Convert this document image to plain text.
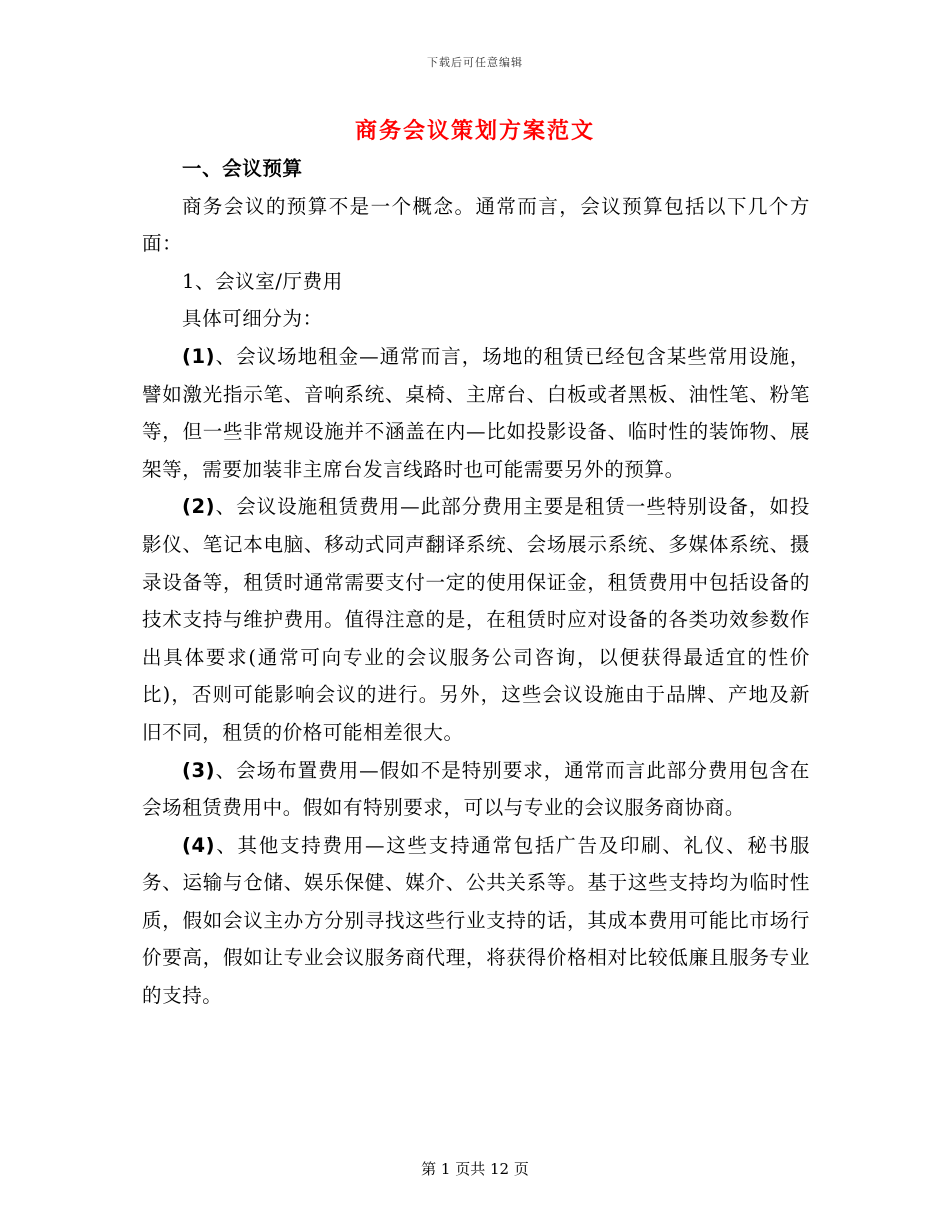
下载后可任意编辑
商务会议策划方案范文

一、会议预算

商务会议的预算不是一个概念。通常而言，会议预算包括以下几个方面：

1、会议室/厅费用

具体可细分为：

(1)、会议场地租金—通常而言，场地的租赁已经包含某些常用设施，譬如激光指示笔、音响系统、桌椅、主席台、白板或者黑板、油性笔、粉笔等，但一些非常规设施并不涵盖在内—比如投影设备、临时性的装饰物、展架等，需要加装非主席台发言线路时也可能需要另外的预算。

(2)、会议设施租赁费用—此部分费用主要是租赁一些特别设备，如投影仪、笔记本电脑、移动式同声翻译系统、会场展示系统、多媒体系统、摄录设备等，租赁时通常需要支付一定的使用保证金，租赁费用中包括设备的技术支持与维护费用。值得注意的是，在租赁时应对设备的各类功效参数作出具体要求(通常可向专业的会议服务公司咨询，以便获得最适宜的性价比)，否则可能影响会议的进行。另外，这些会议设施由于品牌、产地及新旧不同，租赁的价格可能相差很大。

(3)、会场布置费用—假如不是特别要求，通常而言此部分费用包含在会场租赁费用中。假如有特别要求，可以与专业的会议服务商协商。

(4)、其他支持费用—这些支持通常包括广告及印刷、礼仪、秘书服务、运输与仓储、娱乐保健、媒介、公共关系等。基于这些支持均为临时性质，假如会议主办方分别寻找这些行业支持的话，其成本费用可能比市场行价要高，假如让专业会议服务商代理，将获得价格相对比较低廉且服务专业的支持。

第 1 页共 12 页
